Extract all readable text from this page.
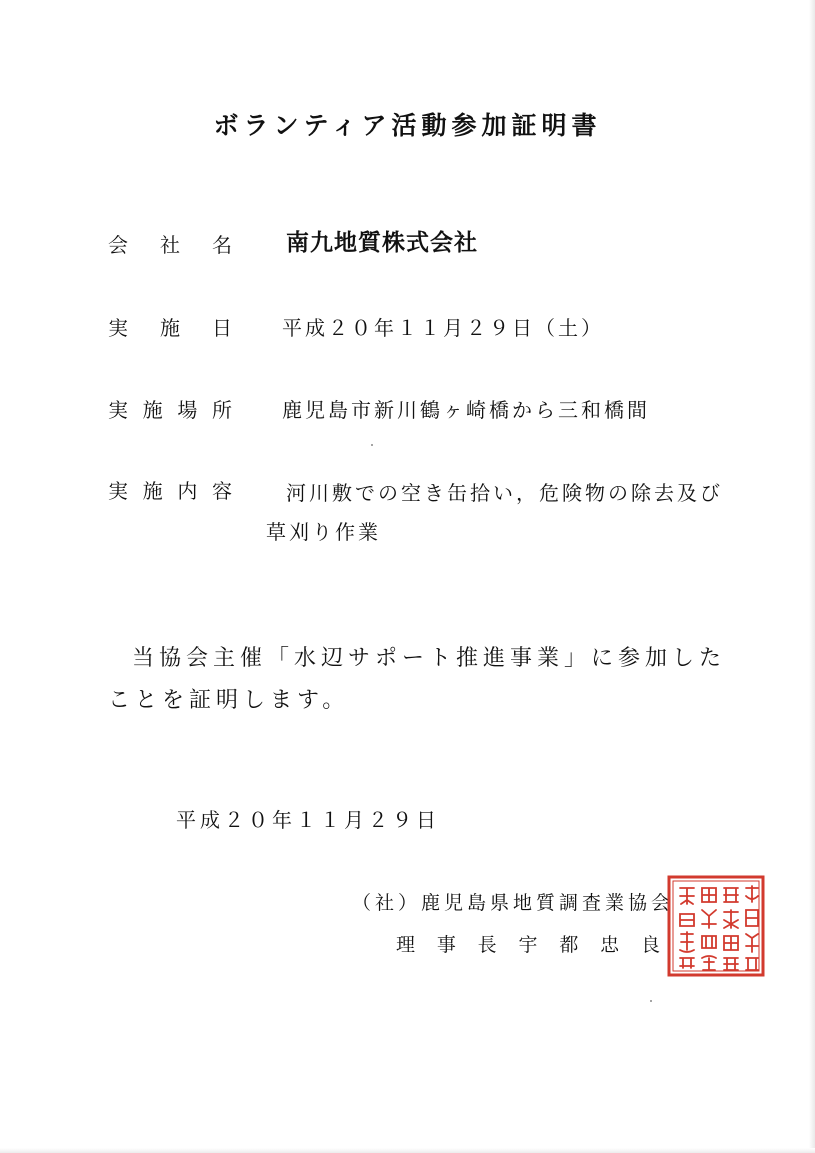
ボランティア活動参加証明書
会社名 南九地質株式会社
実施日	平成２０年１１月２９日（土）
実施場所	鹿児島市新川鶴ヶ崎橋から三和橋間
実施内容	河川敷での空き缶拾い，危険物の除去及び
草刈り作業
当協会主催「水辺サポート推進事業」に参加したことを証明します。
平成２０年１１月２９日
（社）鹿児島県地質調査業協会
理事長宇都忠良
